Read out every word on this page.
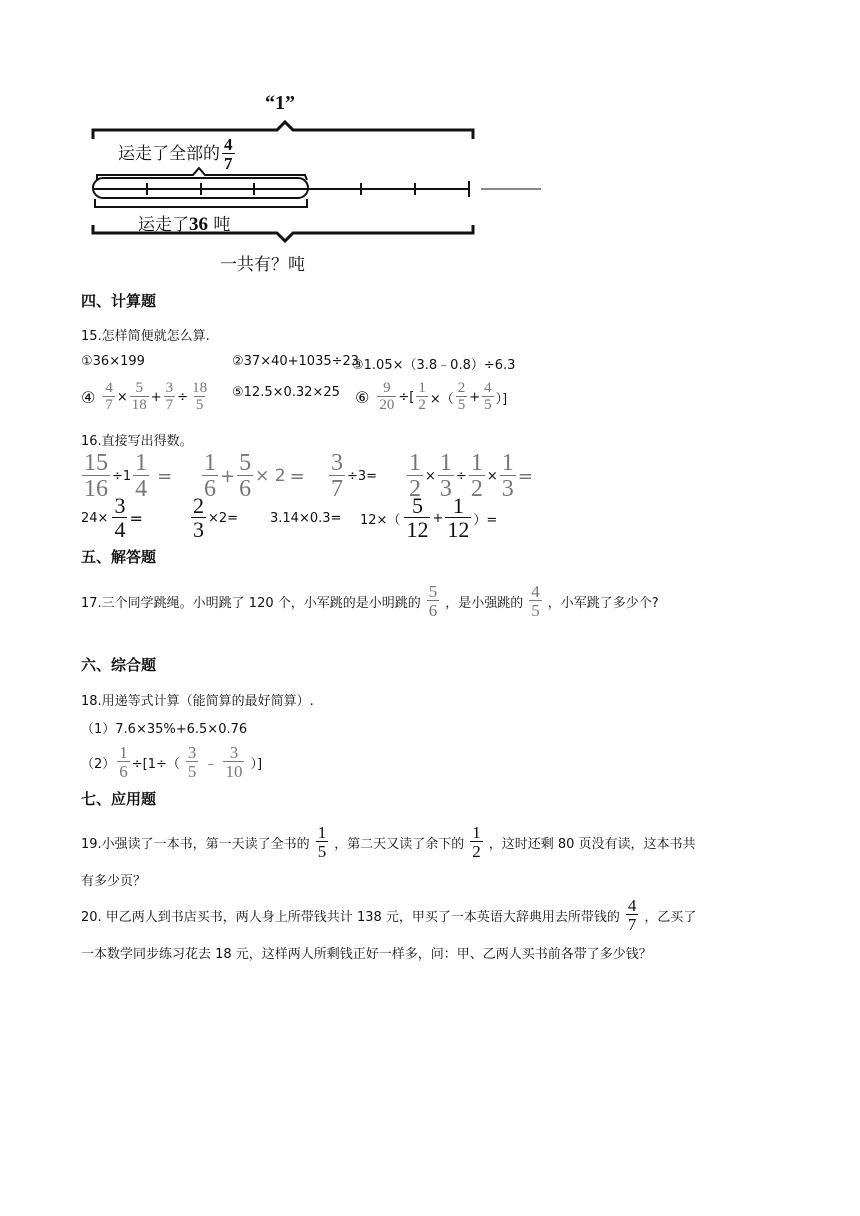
“1”
运走了全部的 $\frac{4}{7}$
运走了36 吨
一共有？吨
四、计算题
15.怎样简便就怎么算.
①36×199	②37×40+1035÷23
③1.05×（3.8﹣0.8）÷6.3
④ $\frac{4}{7} \times \frac{5}{18} + \frac{3}{7} \div \frac{18}{5}$ ⑤12.5×0.32×25 ⑥ $\frac{9}{20}$ ÷[ $\frac{1}{2}$ ×（ $\frac{2}{5} + \frac{4}{5}$ ）]
16.直接写出得数。
$\frac{15}{16} \div 1 \frac{1}{4} = \frac{1}{6} + \frac{5}{6} \times 2 = \frac{3}{7} \div 3= \frac{1}{2} \times \frac{1}{3} \div \frac{1}{2} \times \frac{1}{3}$ =
$24\times \frac{3}{4} = \frac{2}{3} \times 2= 3.14\times 0.3= 12\times( \frac{5}{12} + \frac{1}{12}$ ）=
五、解答题
17.三个同学跳绳。小明跳了 120 个，小军跳的是小明跳的 $\frac{5}{6}$ ，是小强跳的 $\frac{4}{5}$ ，小军跳了多少个?
六、综合题
18.用递等式计算（能简算的最好简算）.
（1）7.6×35%+6.5×0.76
$(2) \frac{1}{6} \div[1\div( \frac{3}{5}$ ﹣ $\frac{3}{10}$ ）]
七、应用题
19.小强读了一本书，第一天读了全书的 $\frac{1}{5}$ ，第二天又读了余下的 $\frac{1}{2}$ ，这时还剩 80 页没有读，这本书共
有多少页？
20. 甲乙两人到书店买书，两人身上所带钱共计 138 元，甲买了一本英语大辞典用去所带钱的 $\frac{4}{7}$ ，乙买了
一本数学同步练习花去 18 元，这样两人所剩钱正好一样多，问：甲、乙两人买书前各带了多少钱？
